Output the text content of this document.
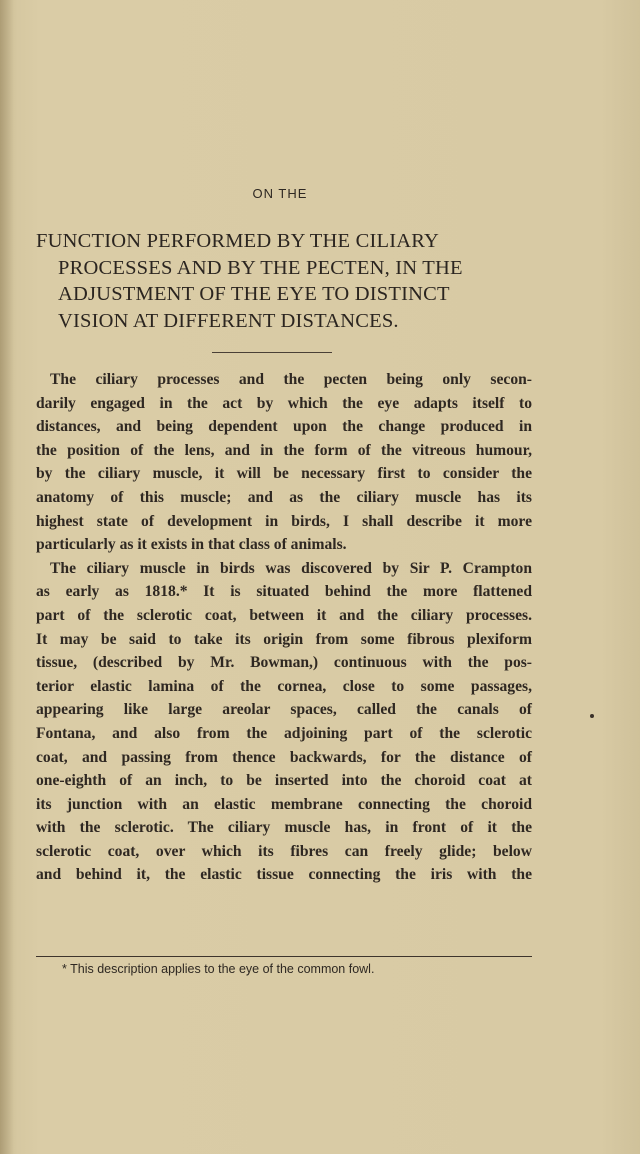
ON THE
FUNCTION PERFORMED BY THE CILIARY
PROCESSES AND BY THE PECTEN, IN THE
ADJUSTMENT OF THE EYE TO DISTINCT
VISION AT DIFFERENT DISTANCES.
The ciliary processes and the pecten being only secon-
darily engaged in the act by which the eye adapts itself to
distances, and being dependent upon the change produced in
the position of the lens, and in the form of the vitreous humour,
by the ciliary muscle, it will be necessary first to consider the
anatomy of this muscle; and as the ciliary muscle has its
highest state of development in birds, I shall describe it more
particularly as it exists in that class of animals.
The ciliary muscle in birds was discovered by Sir P. Crampton
as early as 1818.* It is situated behind the more flattened
part of the sclerotic coat, between it and the ciliary processes.
It may be said to take its origin from some fibrous plexiform
tissue, (described by Mr. Bowman,) continuous with the pos-
terior elastic lamina of the cornea, close to some passages,
appearing like large areolar spaces, called the canals of
Fontana, and also from the adjoining part of the sclerotic
coat, and passing from thence backwards, for the distance of
one-eighth of an inch, to be inserted into the choroid coat at
its junction with an elastic membrane connecting the choroid
with the sclerotic. The ciliary muscle has, in front of it the
sclerotic coat, over which its fibres can freely glide; below
and behind it, the elastic tissue connecting the iris with the
* This description applies to the eye of the common fowl.
